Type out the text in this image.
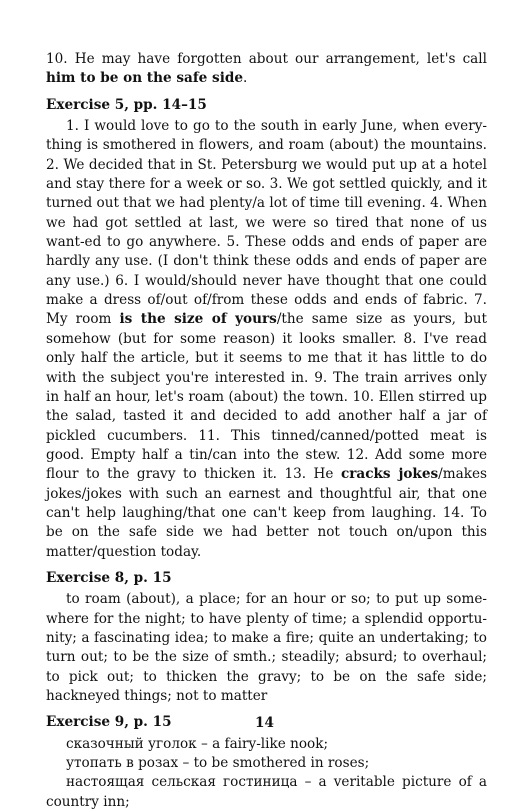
10. He may have forgotten about our arrangement, let's call him to be on the safe side.

Exercise 5, pp. 14–15

1. I would love to go to the south in early June, when every-thing is smothered in flowers, and roam (about) the mountains. 2. We decided that in St. Petersburg we would put up at a hotel and stay there for a week or so. 3. We got settled quickly, and it turned out that we had plenty/a lot of time till evening. 4. When we had got settled at last, we were so tired that none of us want-ed to go anywhere. 5. These odds and ends of paper are hardly any use. (I don't think these odds and ends of paper are any use.) 6. I would/should never have thought that one could make a dress of/out of/from these odds and ends of fabric. 7. My room is the size of yours/the same size as yours, but somehow (but for some reason) it looks smaller. 8. I've read only half the article, but it seems to me that it has little to do with the subject you're interested in. 9. The train arrives only in half an hour, let's roam (about) the town. 10. Ellen stirred up the salad, tasted it and decided to add another half a jar of pickled cucumbers. 11. This tinned/canned/potted meat is good. Empty half a tin/can into the stew. 12. Add some more flour to the gravy to thicken it. 13. He cracks jokes/makes jokes/jokes with such an earnest and thoughtful air, that one can't help laughing/that one can't keep from laughing. 14. To be on the safe side we had better not touch on/upon this matter/question today.

Exercise 8, p. 15

to roam (about), a place; for an hour or so; to put up some-where for the night; to have plenty of time; a splendid opportu-nity; a fascinating idea; to make a fire; quite an undertaking; to turn out; to be the size of smth.; steadily; absurd; to overhaul; to pick out; to thicken the gravy; to be on the safe side; hackneyed things; not to matter

Exercise 9, p. 15

сказочный уголок – a fairy-like nook;

утопать в розах – to be smothered in roses;

настоящая сельская гостиница – a veritable picture of a country inn;

14
